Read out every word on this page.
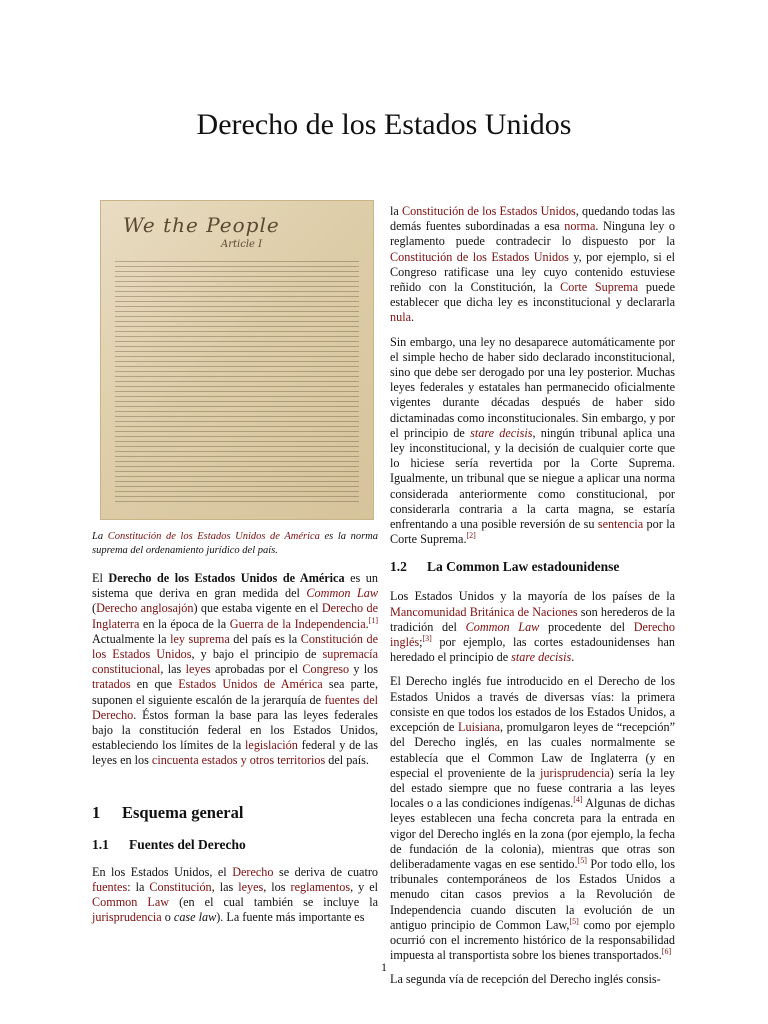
Derecho de los Estados Unidos
We the People
Article I

La Constitución de los Estados Unidos de América es la norma suprema del ordenamiento jurídico del país.

El Derecho de los Estados Unidos de América es un sistema que deriva en gran medida del Common Law (Derecho anglosajón) que estaba vigente en el Derecho de Inglaterra en la época de la Guerra de la Independencia.[1] Actualmente la ley suprema del país es la Constitución de los Estados Unidos, y bajo el principio de supremacía constitucional, las leyes aprobadas por el Congreso y los tratados en que Estados Unidos de América sea parte, suponen el siguiente escalón de la jerarquía de fuentes del Derecho. Éstos forman la base para las leyes federales bajo la constitución federal en los Estados Unidos, estableciendo los límites de la legislación federal y de las leyes en los cincuenta estados y otros territorios del país.

1 Esquema general
1.1 Fuentes del Derecho

En los Estados Unidos, el Derecho se deriva de cuatro fuentes: la Constitución, las leyes, los reglamentos, y el Common Law (en el cual también se incluye la jurisprudencia o case law). La fuente más importante es

la Constitución de los Estados Unidos, quedando todas las demás fuentes subordinadas a esa norma. Ninguna ley o reglamento puede contradecir lo dispuesto por la Constitución de los Estados Unidos y, por ejemplo, si el Congreso ratificase una ley cuyo contenido estuviese reñido con la Constitución, la Corte Suprema puede establecer que dicha ley es inconstitucional y declararla nula.

Sin embargo, una ley no desaparece automáticamente por el simple hecho de haber sido declarado inconstitucional, sino que debe ser derogado por una ley posterior. Muchas leyes federales y estatales han permanecido oficialmente vigentes durante décadas después de haber sido dictaminadas como inconstitucionales. Sin embargo, y por el principio de stare decisis, ningún tribunal aplica una ley inconstitucional, y la decisión de cualquier corte que lo hiciese sería revertida por la Corte Suprema. Igualmente, un tribunal que se niegue a aplicar una norma considerada anteriormente como constitucional, por considerarla contraria a la carta magna, se estaría enfrentando a una posible reversión de su sentencia por la Corte Suprema.[2]

1.2 La Common Law estadounidense

Los Estados Unidos y la mayoría de los países de la Mancomunidad Británica de Naciones son herederos de la tradición del Common Law procedente del Derecho inglés;[3] por ejemplo, las cortes estadounidenses han heredado el principio de stare decisis.

El Derecho inglés fue introducido en el Derecho de los Estados Unidos a través de diversas vías: la primera consiste en que todos los estados de los Estados Unidos, a excepción de Luisiana, promulgaron leyes de “recepción” del Derecho inglés, en las cuales normalmente se establecía que el Common Law de Inglaterra (y en especial el proveniente de la jurisprudencia) sería la ley del estado siempre que no fuese contraria a las leyes locales o a las condiciones indígenas.[4] Algunas de dichas leyes establecen una fecha concreta para la entrada en vigor del Derecho inglés en la zona (por ejemplo, la fecha de fundación de la colonia), mientras que otras son deliberadamente vagas en ese sentido.[5] Por todo ello, los tribunales contemporáneos de los Estados Unidos a menudo citan casos previos a la Revolución de Independencia cuando discuten la evolución de un antiguo principio de Common Law,[5] como por ejemplo ocurrió con el incremento histórico de la responsabilidad impuesta al transportista sobre los bienes transportados.[6]

La segunda vía de recepción del Derecho inglés consis-

1
